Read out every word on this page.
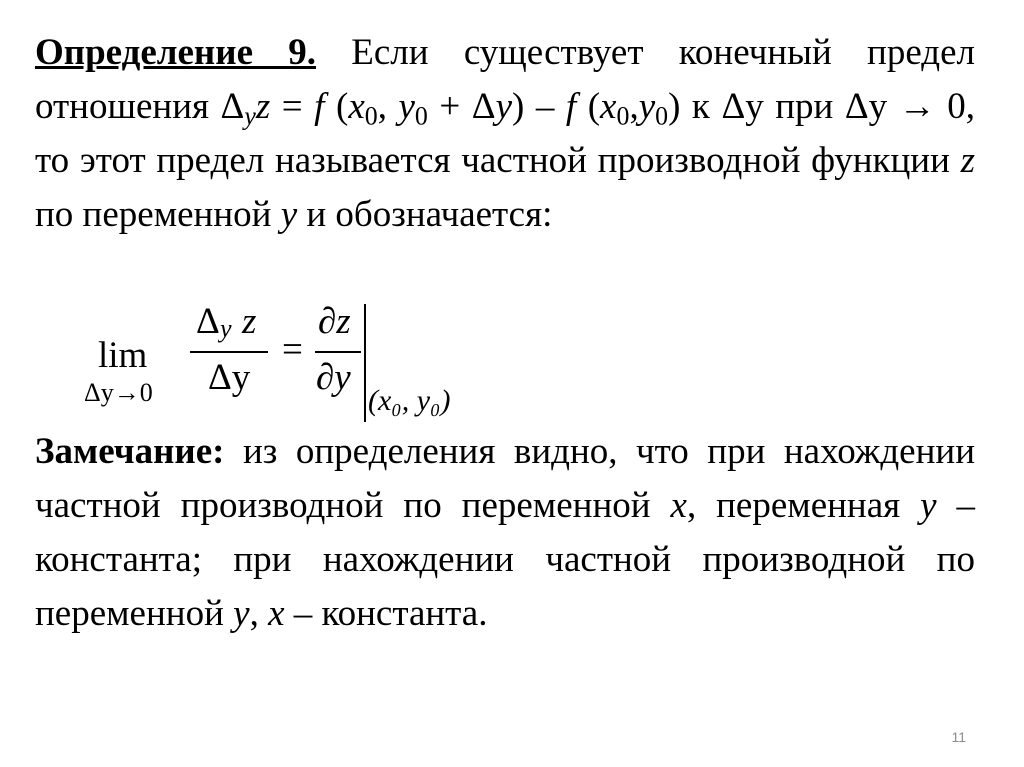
Определение 9. Если существует конечный предел отношения $\Delta_yz = f$ ($x_0$, $y_0 + \Delta y) - f$ $(x_0,y_0)$ к Δy при Δy → 0, то этот предел называется частной производной функции z по переменной y и обозначается:
lim
Δy→0
Δ y z
Δy
=
∂z
∂y
(x₀, y₀)
Замечание: из определения видно, что при нахождении частной производной по переменной x, переменная y – константа; при нахождении частной производной по переменной y, x – константа.
11
